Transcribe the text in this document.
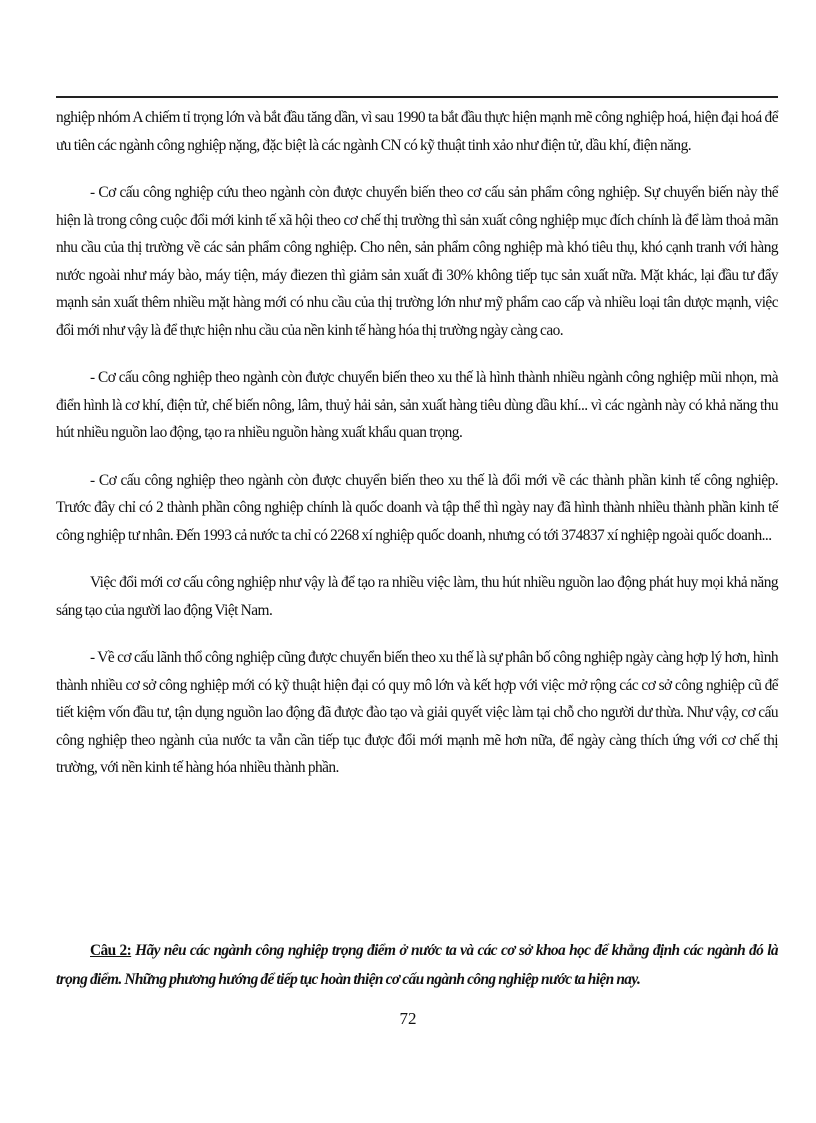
nghiệp nhóm A chiếm tỉ trọng lớn và bắt đầu tăng dần, vì sau 1990 ta bắt đầu thực hiện mạnh mẽ công nghiệp hoá, hiện đại hoá để ưu tiên các ngành công nghiệp nặng, đặc biệt là các ngành CN có kỹ thuật tinh xảo như điện tử, dầu khí, điện năng.

- Cơ cấu công nghiệp cứu theo ngành còn được chuyển biến theo cơ cấu sản phẩm công nghiệp. Sự chuyển biến này thể hiện là trong công cuộc đổi mới kinh tế xã hội theo cơ chế thị trường thì sản xuất công nghiệp mục đích chính là để làm thoả mãn nhu cầu của thị trường về các sản phẩm công nghiệp. Cho nên, sản phẩm công nghiệp mà khó tiêu thụ, khó cạnh tranh với hàng nước ngoài như máy bào, máy tiện, máy điezen thì giảm sản xuất đi 30% không tiếp tục sản xuất nữa. Mặt khác, lại đầu tư đẩy mạnh sản xuất thêm nhiều mặt hàng mới có nhu cầu của thị trường lớn như mỹ phẩm cao cấp và nhiều loại tân dược mạnh, việc đổi mới như vậy là để thực hiện nhu cầu của nền kinh tế hàng hóa thị trường ngày càng cao.

- Cơ cấu công nghiệp theo ngành còn được chuyển biến theo xu thế là hình thành nhiều ngành công nghiệp mũi nhọn, mà điển hình là cơ khí, điện tử, chế biến nông, lâm, thuỷ hải sản, sản xuất hàng tiêu dùng dầu khí... vì các ngành này có khả năng thu hút nhiều nguồn lao động, tạo ra nhiều nguồn hàng xuất khẩu quan trọng.

- Cơ cấu công nghiệp theo ngành còn được chuyển biến theo xu thế là đổi mới về các thành phần kinh tế công nghiệp. Trước đây chỉ có 2 thành phần công nghiệp chính là quốc doanh và tập thể thì ngày nay đã hình thành nhiều thành phần kinh tế công nghiệp tư nhân. Đến 1993 cả nước ta chỉ có 2268 xí nghiệp quốc doanh, nhưng có tới 374837 xí nghiệp ngoài quốc doanh...

Việc đổi mới cơ cấu công nghiệp như vậy là để tạo ra nhiều việc làm, thu hút nhiều nguồn lao động phát huy mọi khả năng sáng tạo của người lao động Việt Nam.

- Về cơ cấu lãnh thổ công nghiệp cũng được chuyển biến theo xu thế là sự phân bố công nghiệp ngày càng hợp lý hơn, hình thành nhiều cơ sở công nghiệp mới có kỹ thuật hiện đại có quy mô lớn và kết hợp với việc mở rộng các cơ sở công nghiệp cũ để tiết kiệm vốn đầu tư, tận dụng nguồn lao động đã được đào tạo và giải quyết việc làm tại chỗ cho người dư thừa. Như vậy, cơ cấu công nghiệp theo ngành của nước ta vẫn cần tiếp tục được đổi mới mạnh mẽ hơn nữa, để ngày càng thích ứng với cơ chế thị trường, với nền kinh tế hàng hóa nhiều thành phần.

Câu 2: Hãy nêu các ngành công nghiệp trọng điểm ở nước ta và các cơ sở khoa học để khẳng định các ngành đó là trọng điểm. Những phương hướng để tiếp tục hoàn thiện cơ cấu ngành công nghiệp nước ta hiện nay.

72
